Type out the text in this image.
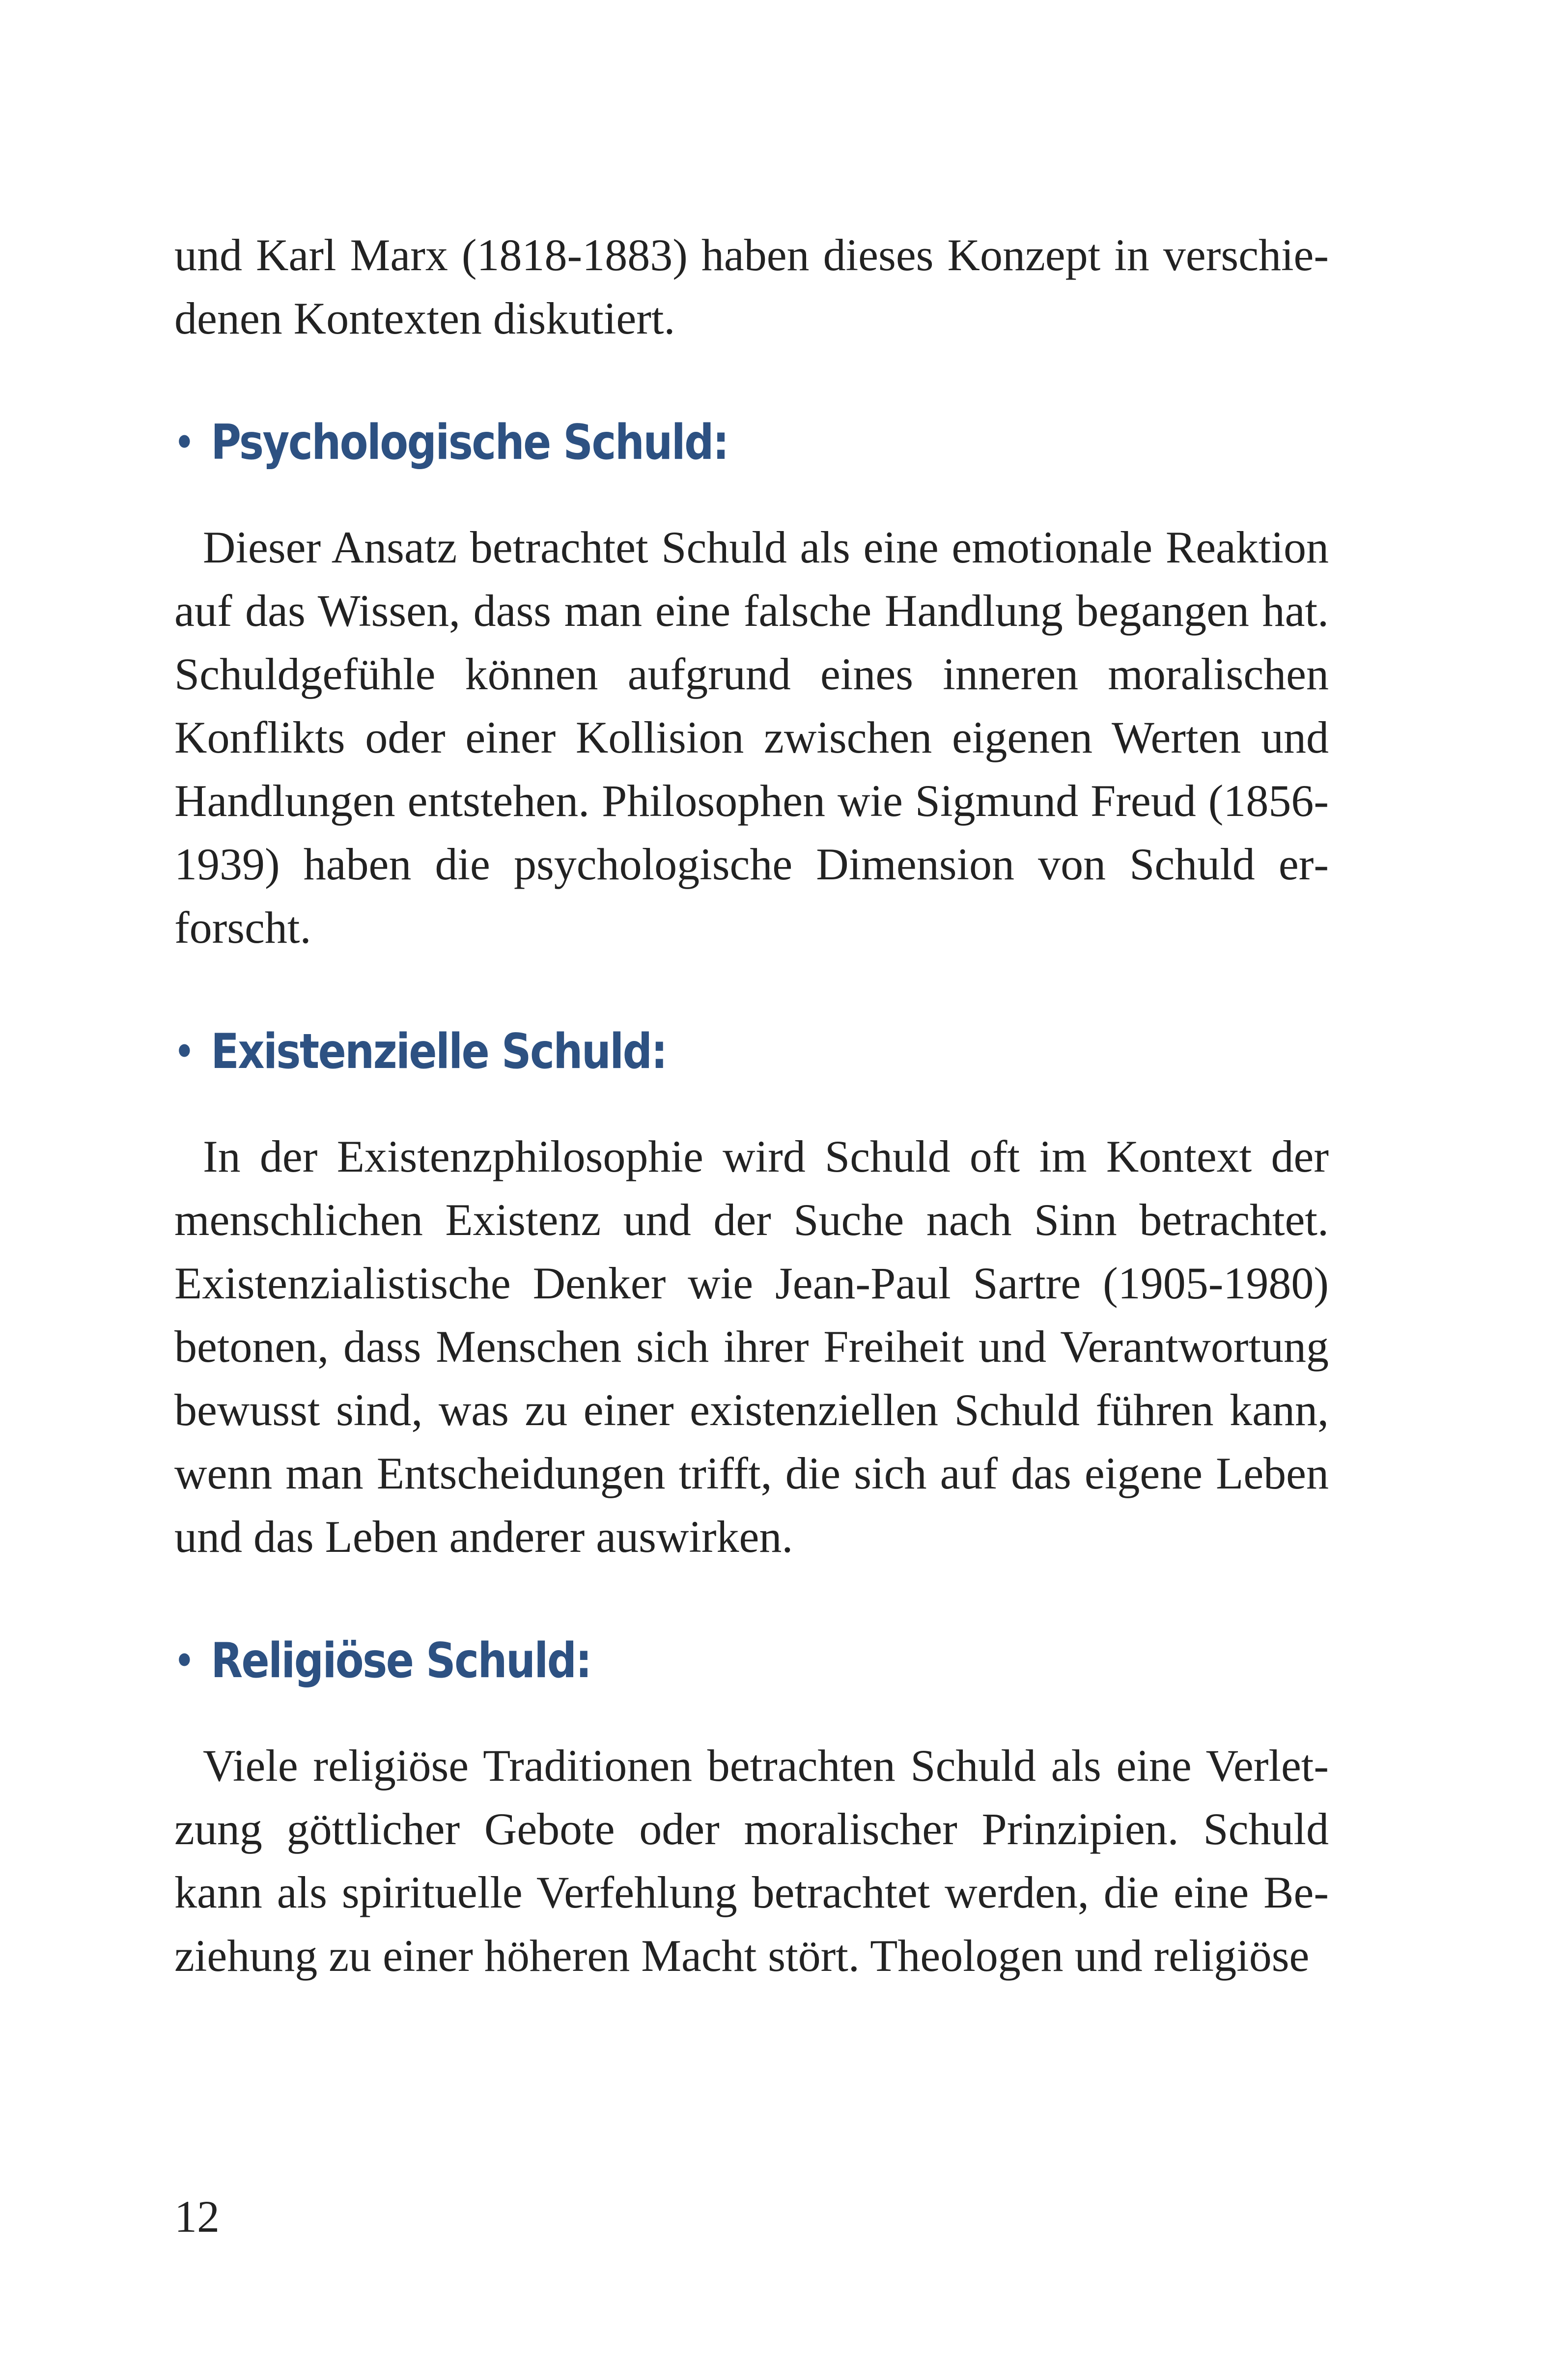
und Karl Marx (1818-1883) haben dieses Konzept in verschiedenen Kontexten diskutiert.

• Psychologische Schuld:

Dieser Ansatz betrachtet Schuld als eine emotionale Reaktion auf das Wissen, dass man eine falsche Handlung begangen hat. Schuldgefühle können aufgrund eines inneren moralischen Konflikts oder einer Kollision zwischen eigenen Werten und Handlungen entstehen. Philosophen wie Sigmund Freud (1856-1939) haben die psychologische Dimension von Schuld erforscht.

• Existenzielle Schuld:

In der Existenzphilosophie wird Schuld oft im Kontext der menschlichen Existenz und der Suche nach Sinn betrachtet. Existenzialistische Denker wie Jean-Paul Sartre (1905-1980) betonen, dass Menschen sich ihrer Freiheit und Verantwortung bewusst sind, was zu einer existenziellen Schuld führen kann, wenn man Entscheidungen trifft, die sich auf das eigene Leben und das Leben anderer auswirken.

• Religiöse Schuld:

Viele religiöse Traditionen betrachten Schuld als eine Verletzung göttlicher Gebote oder moralischer Prinzipien. Schuld kann als spirituelle Verfehlung betrachtet werden, die eine Beziehung zu einer höheren Macht stört. Theologen und religiöse

12
